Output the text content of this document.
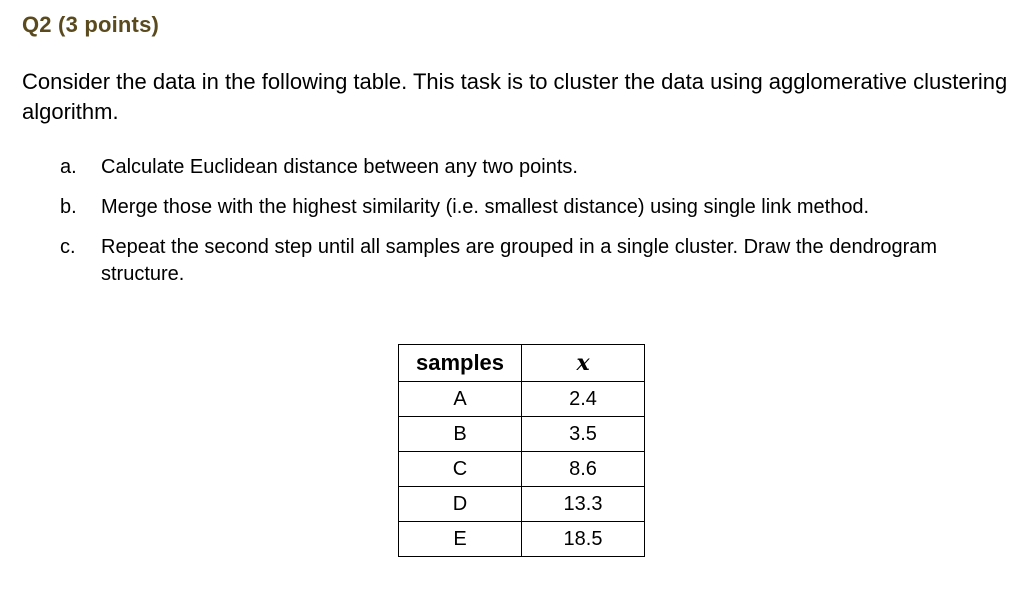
Q2 (3 points)
Consider the data in the following table. This task is to cluster the data using agglomerative clustering algorithm.
a. Calculate Euclidean distance between any two points.
b. Merge those with the highest similarity (i.e. smallest distance) using single link method.
c. Repeat the second step until all samples are grouped in a single cluster. Draw the dendrogram structure.
samples	x
A	2.4
B	3.5
C	8.6
D	13.3
E	18.5
